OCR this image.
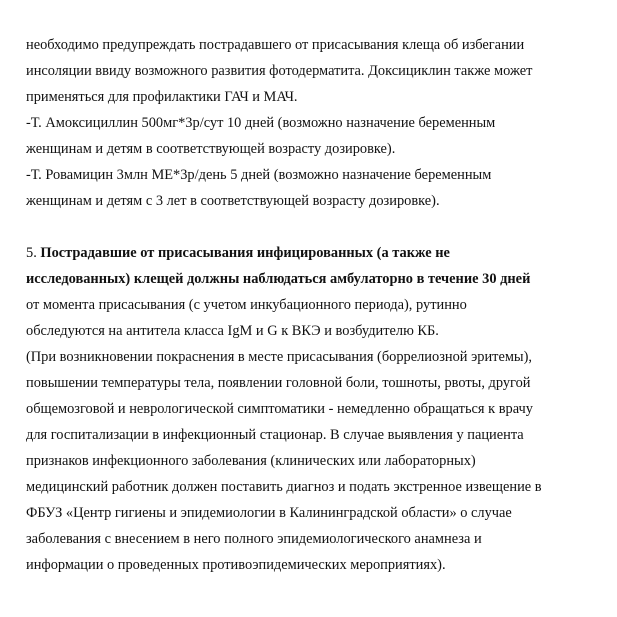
необходимо предупреждать пострадавшего от присасывания клеща об избегании
инсоляции ввиду возможного развития фотодерматита. Доксициклин также может
применяться для профилактики ГАЧ и МАЧ.
-Т. Амоксициллин 500мг*3р/сут 10 дней (возможно назначение беременным
женщинам и детям в соответствующей возрасту дозировке).
-Т. Ровамицин 3млн МЕ*3р/день 5 дней (возможно назначение беременным
женщинам и детям с 3 лет в соответствующей возрасту дозировке).
5. Пострадавшие от присасывания инфицированных (а также не
исследованных) клещей должны наблюдаться амбулаторно в течение 30 дней
от момента присасывания (с учетом инкубационного периода), рутинно
обследуются на антитела класса IgM и G к ВКЭ и возбудителю КБ.
(При возникновении покраснения в месте присасывания (боррелиозной эритемы),
повышении температуры тела, появлении головной боли, тошноты, рвоты, другой
общемозговой и неврологической симптоматики - немедленно обращаться к врачу
для госпитализации в инфекционный стационар. В случае выявления у пациента
признаков инфекционного заболевания (клинических или лабораторных)
медицинский работник должен поставить диагноз и подать экстренное извещение в
ФБУЗ «Центр гигиены и эпидемиологии в Калининградской области» о случае
заболевания с внесением в него полного эпидемиологического анамнеза и
информации о проведенных противоэпидемических мероприятиях).
